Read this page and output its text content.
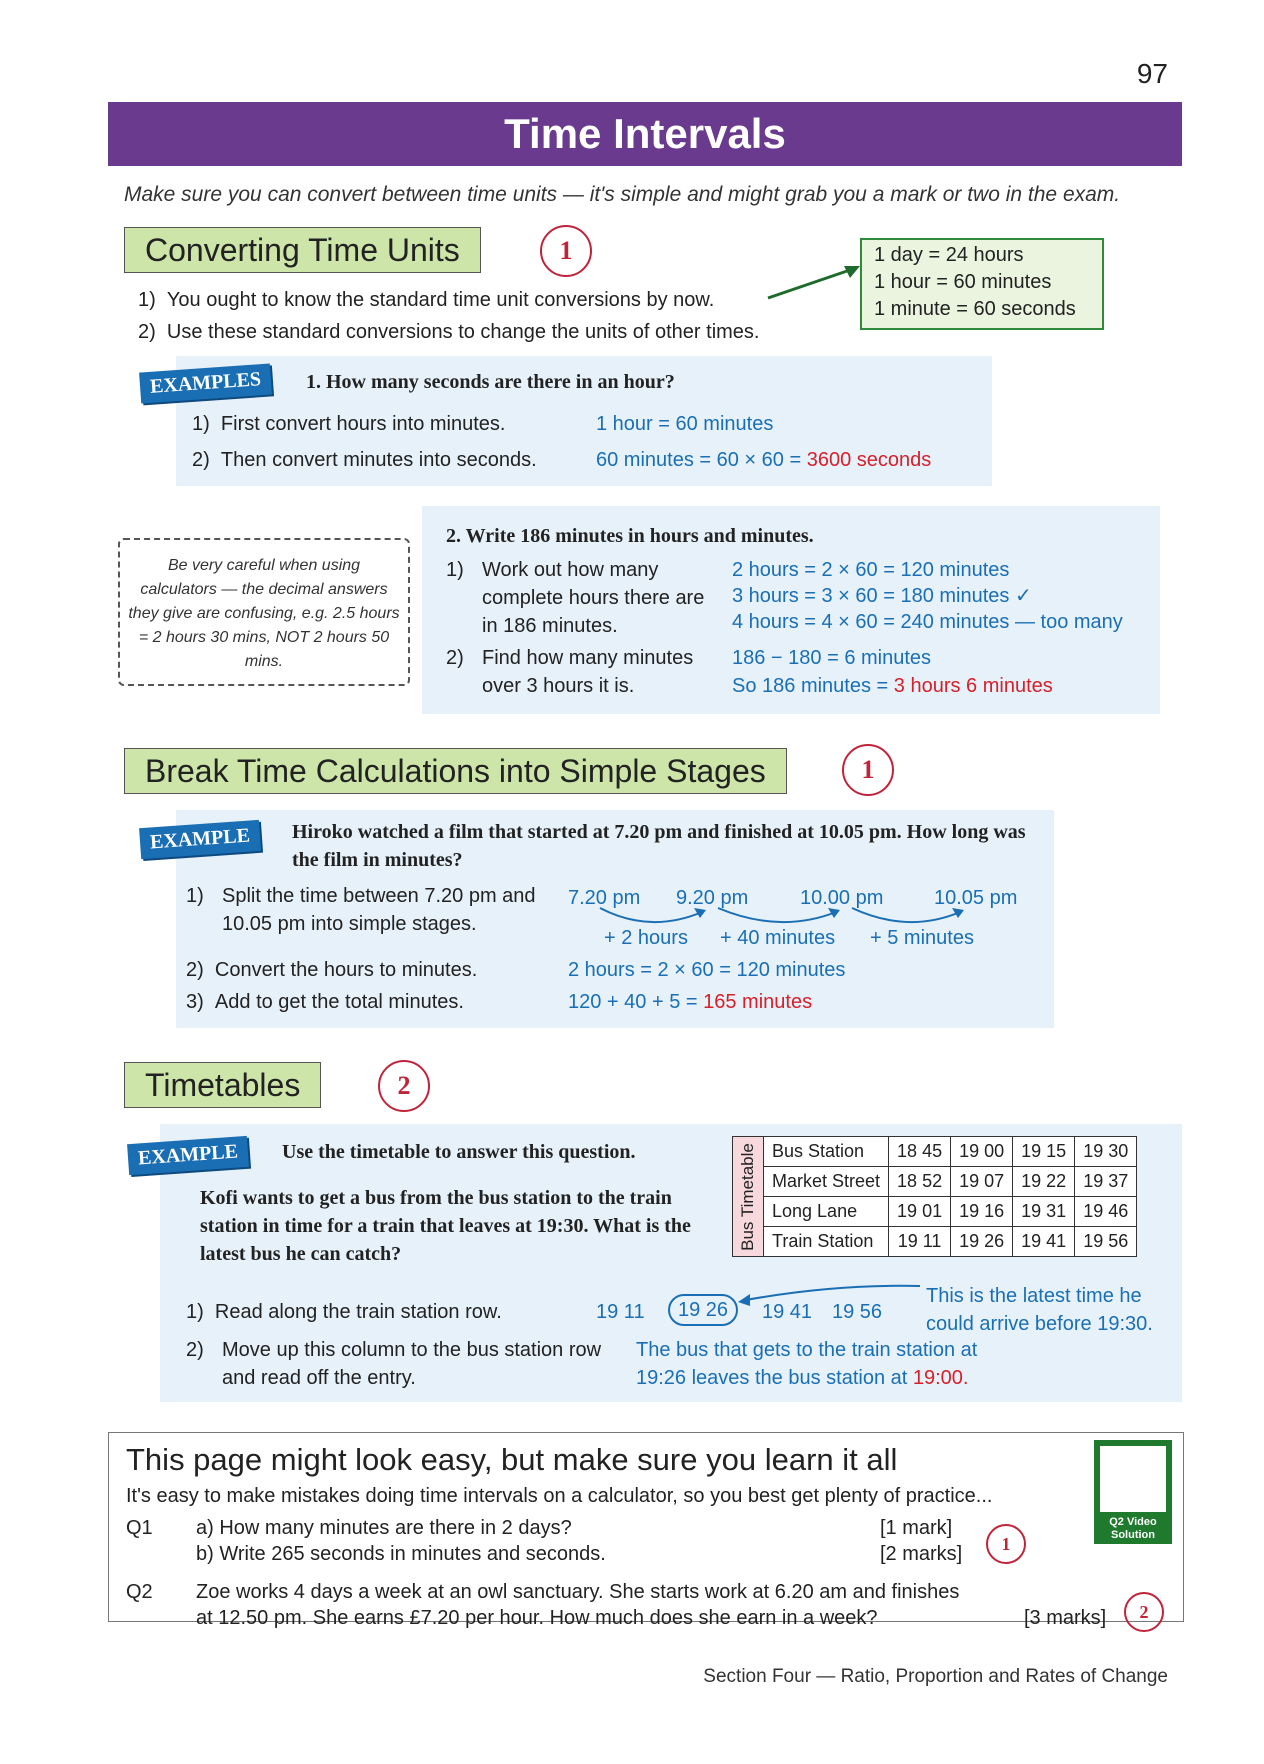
97
Time Intervals
Make sure you can convert between time units — it's simple and might grab you a mark or two in the exam.
Converting Time Units	1
1) You ought to know the standard time unit conversions by now.
2) Use these standard conversions to change the units of other times.
1 day = 24 hours
1 hour = 60 minutes
1 minute = 60 seconds
EXAMPLES	1. How many seconds are there in an hour?
1) First convert hours into minutes.	1 hour = 60 minutes
2) Then convert minutes into seconds.	60 minutes = 60 × 60 = 3600 seconds
Be very careful when using calculators — the decimal answers they give are confusing, e.g. 2.5 hours = 2 hours 30 mins, NOT 2 hours 50 mins.
2. Write 186 minutes in hours and minutes.
1) Work out how many complete hours there are in 186 minutes.
2 hours = 2 × 60 = 120 minutes
3 hours = 3 × 60 = 180 minutes ✓
4 hours = 4 × 60 = 240 minutes — too many
2) Find how many minutes over 3 hours it is.
186 − 180 = 6 minutes
So 186 minutes = 3 hours 6 minutes
Break Time Calculations into Simple Stages	1
EXAMPLE	Hiroko watched a film that started at 7.20 pm and finished at 10.05 pm. How long was the film in minutes?
1) Split the time between 7.20 pm and 10.05 pm into simple stages.
2) Convert the hours to minutes.
3) Add to get the total minutes.
7.20 pm 9.20 pm	10.00 pm	10.05 pm
+ 2 hours + 40 minutes + 5 minutes
2 hours = 2 × 60 = 120 minutes
120 + 40 + 5 = 165 minutes
Timetables	2
EXAMPLE	Use the timetable to answer this question.
Kofi wants to get a bus from the bus station to the train station in time for a train that leaves at 19:30. What is the latest bus he can catch?
Bus Timetable Bus Station	18 45	19 00	19 15	19 30
Market Street	18 52	19 07	19 22	19 37
Long Lane	19 01	19 16	19 31	19 46
Train Station	19 11	19 26	19 41	19 56
1) Read along the train station row.	19 11	19 26	19 41 19 56
This is the latest time he could arrive before 19:30.
2) Move up this column to the bus station row and read off the entry.
The bus that gets to the train station at 19:26 leaves the bus station at 19:00.
This page might look easy, but make sure you learn it all
It's easy to make mistakes doing time intervals on a calculator, so you best get plenty of practice...
Q1 a) How many minutes are there in 2 days?	[1 mark]
b) Write 265 seconds in minutes and seconds.	[2 marks] 1
Q2 Zoe works 4 days a week at an owl sanctuary. She starts work at 6.20 am and finishes
at 12.50 pm. She earns £7.20 per hour. How much does she earn in a week?	[3 marks] 2
Q2 Video Solution
Section Four — Ratio, Proportion and Rates of Change
